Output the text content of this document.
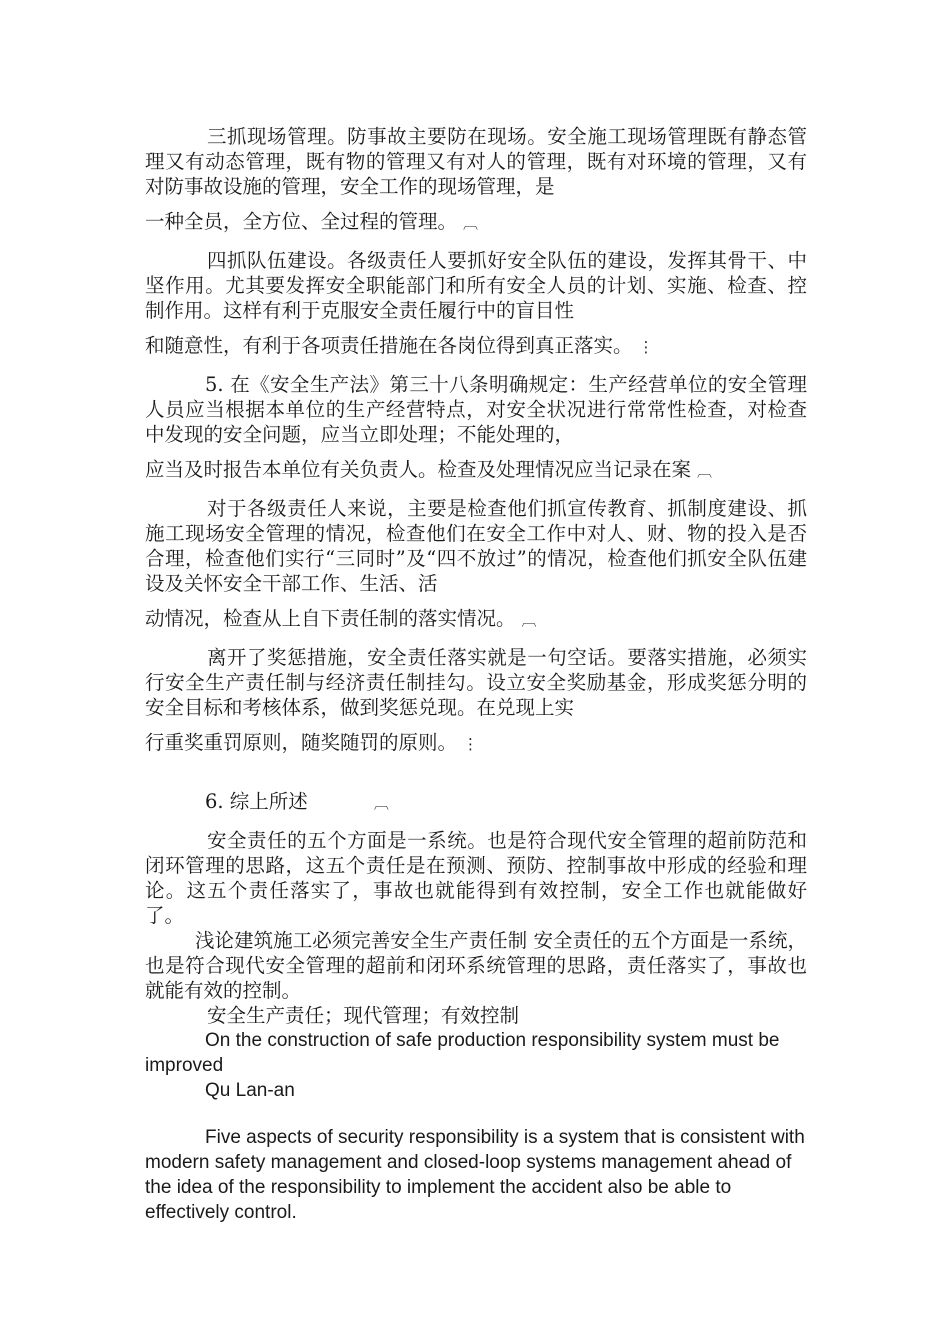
三抓现场管理。防事故主要防在现场。安全施工现场管理既有静态管理又有动态管理，既有物的管理又有对人的管理，既有对环境的管理，又有对防事故设施的管理，安全工作的现场管理，是
一种全员，全方位、全过程的管理。 ︹

四抓队伍建设。各级责任人要抓好安全队伍的建设，发挥其骨干、中坚作用。尤其要发挥安全职能部门和所有安全人员的计划、实施、检查、控制作用。这样有利于克服安全责任履行中的盲目性
和随意性，有利于各项责任措施在各岗位得到真正落实。 ⋮

5. 在《安全生产法》第三十八条明确规定：生产经营单位的安全管理人员应当根据本单位的生产经营特点，对安全状况进行常常性检查，对检查中发现的安全问题，应当立即处理；不能处理的，
应当及时报告本单位有关负责人。检查及处理情况应当记录在案 ︹

对于各级责任人来说，主要是检查他们抓宣传教育、抓制度建设、抓施工现场安全管理的情况，检查他们在安全工作中对人、财、物的投入是否合理，检查他们实行“三同时”及“四不放过”的情况，检查他们抓安全队伍建设及关怀安全干部工作、生活、活
动情况，检查从上自下责任制的落实情况。 ︹

离开了奖惩措施，安全责任落实就是一句空话。要落实措施，必须实行安全生产责任制与经济责任制挂勾。设立安全奖励基金，形成奖惩分明的安全目标和考核体系，做到奖惩兑现。在兑现上实
行重奖重罚原则，随奖随罚的原则。 ⋮

6. 综上所述	︹

安全责任的五个方面是一系统。也是符合现代安全管理的超前防范和闭环管理的思路，这五个责任是在预测、预防、控制事故中形成的经验和理论。这五个责任落实了，事故也就能得到有效控制，安全工作也就能做好了。

浅论建筑施工必须完善安全生产责任制 安全责任的五个方面是一系统，也是符合现代安全管理的超前和闭环系统管理的思路，责任落实了，事故也就能有效的控制。

安全生产责任；现代管理；有效控制

On the construction of safe production responsibility system must be improved

Qu Lan-an

Five aspects of security responsibility is a system that is consistent with modern safety management and closed-loop systems management ahead of the idea of the responsibility to implement the accident also be able to effectively control.
